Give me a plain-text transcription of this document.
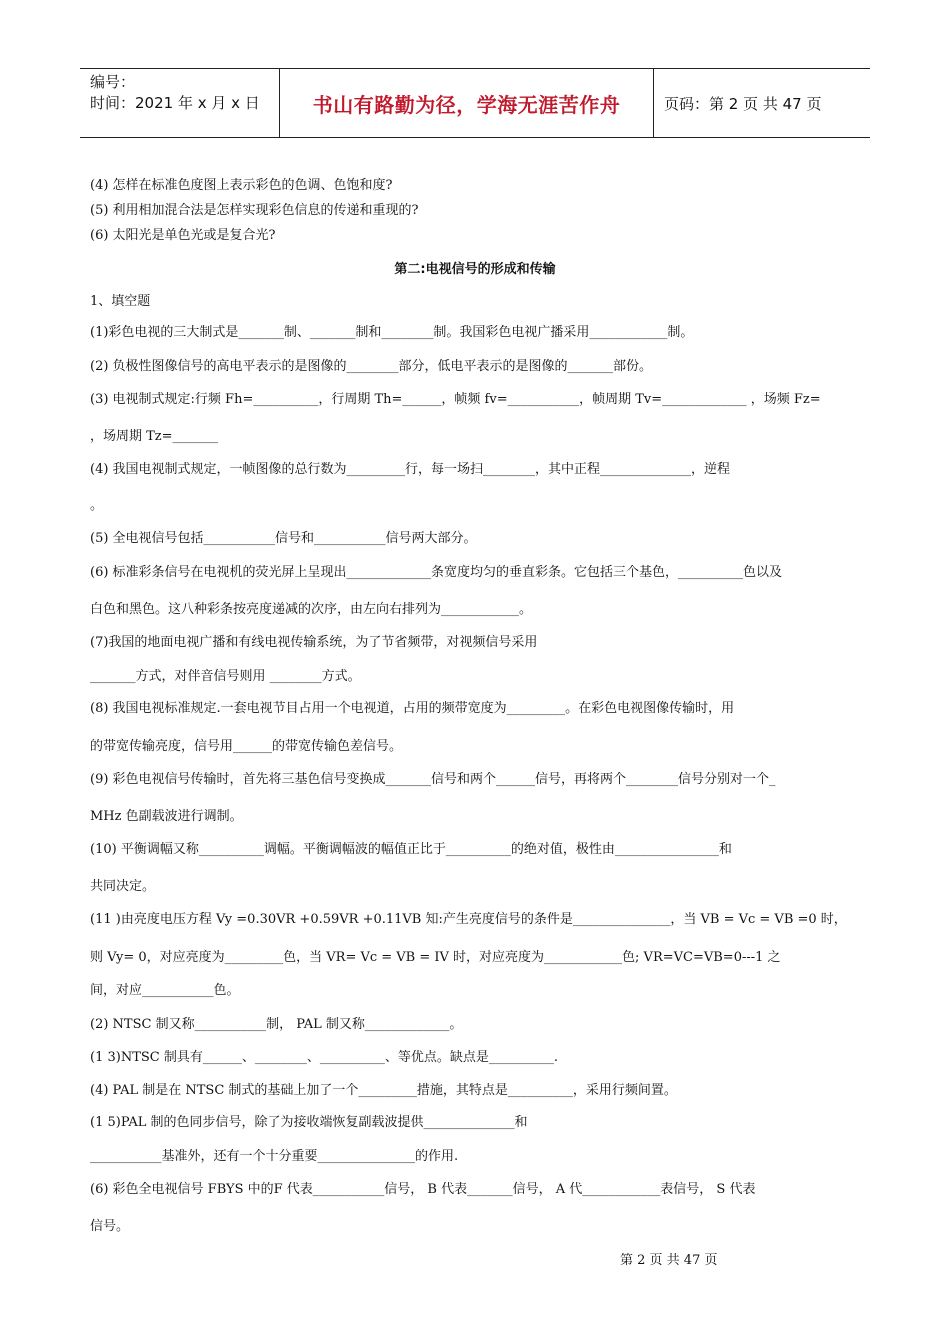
编号：
时间：2021 年 x 月 x 日	书山有路勤为径，学海无涯苦作舟	页码：第 2 页 共 47 页
(4) 怎样在标准色度图上表示彩色的色调、色饱和度?
(5) 利用相加混合法是怎样实现彩色信息的传递和重现的?
(6) 太阳光是单色光或是复合光?
第二:电视信号的形成和传输
1、填空题
(1)彩色电视的三大制式是_______制、_______制和________制。我国彩色电视广播采用____________制。
(2) 负极性图像信号的高电平表示的是图像的________部分，低电平表示的是图像的_______部份。
(3) 电视制式规定:行频 Fh=__________，行周期 Th=______，帧频 fv=___________，帧周期 Tv=_____________ ，场频 Fz=
，场周期 Tz=_______
(4) 我国电视制式规定，一帧图像的总行数为_________行，每一场扫________，其中正程______________，逆程
。
(5) 全电视信号包括___________信号和___________信号两大部分。
(6) 标准彩条信号在电视机的荧光屏上呈现出_____________条宽度均匀的垂直彩条。它包括三个基色，__________色以及
白色和黑色。这八种彩条按亮度递减的次序，由左向右排列为____________。
(7)我国的地面电视广播和有线电视传输系统，为了节省频带，对视频信号采用
_______方式，对伴音信号则用 ________方式。
(8) 我国电视标准规定.一套电视节目占用一个电视道，占用的频带宽度为_________。在彩色电视图像传输时，用
的带宽传输亮度，信号用______的带宽传输色差信号。
(9) 彩色电视信号传输时，首先将三基色信号变换成_______信号和两个______信号，再将两个________信号分别对一个_
MHz 色副载波进行调制。
(10) 平衡调幅又称__________调幅。平衡调幅波的幅值正比于__________的绝对值，极性由________________和
共同决定。
(11 )由亮度电压方程 Vy =0.30VR +0.59VR +0.11VB 知:产生亮度信号的条件是_______________，当 VB = Vc = VB =0 时，
则 Vy= 0，对应亮度为_________色，当 VR= Vc = VB = IV 时，对应亮度为____________色; VR=VC=VB=0---1 之
间，对应___________色。
(2) NTSC 制又称___________制， PAL 制又称_____________。
(1 3)NTSC 制具有______、________、__________、等优点。缺点是__________.
(4) PAL 制是在 NTSC 制式的基础上加了一个_________措施，其特点是__________，采用行频间置。
(1 5)PAL 制的色同步信号，除了为接收端恢复副载波提供______________和
___________基准外，还有一个十分重要_______________的作用.
(6) 彩色全电视信号 FBYS 中的F 代表___________信号， B 代表_______信号， A 代____________表信号， S 代表
信号。
第 2 页 共 47 页
